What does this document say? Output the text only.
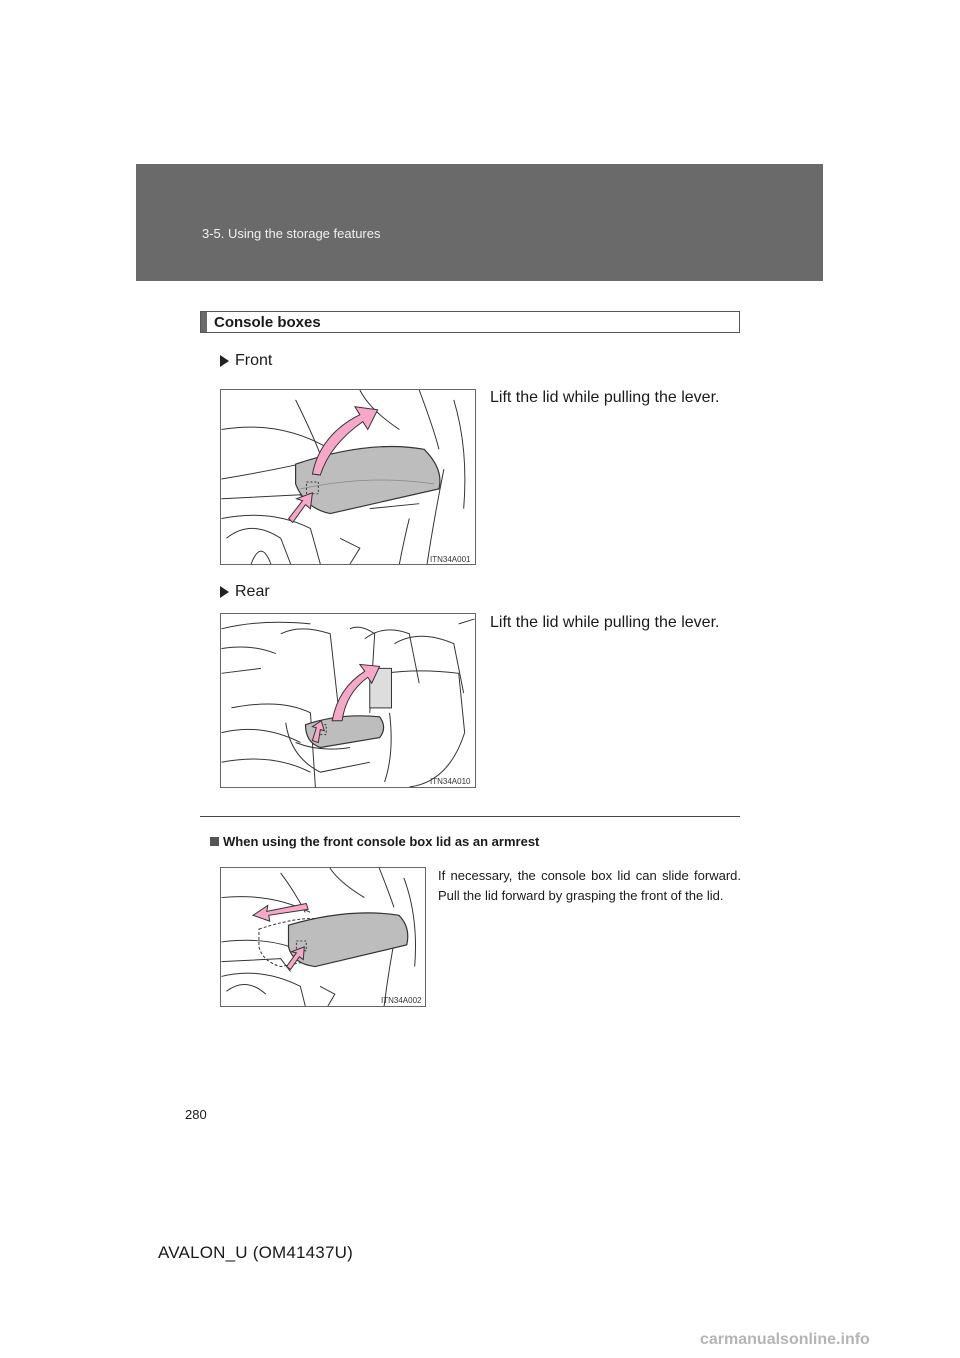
3-5. Using the storage features
Console boxes
Front
Lift the lid while pulling the lever.
ITN34A001
Rear
Lift the lid while pulling the lever.
ITN34A010
When using the front console box lid as an armrest
If necessary, the console box lid can slide forward. Pull the lid forward by grasping the front of the lid.
ITN34A002
280
AVALON_U (OM41437U)
carmanualsonline.info
